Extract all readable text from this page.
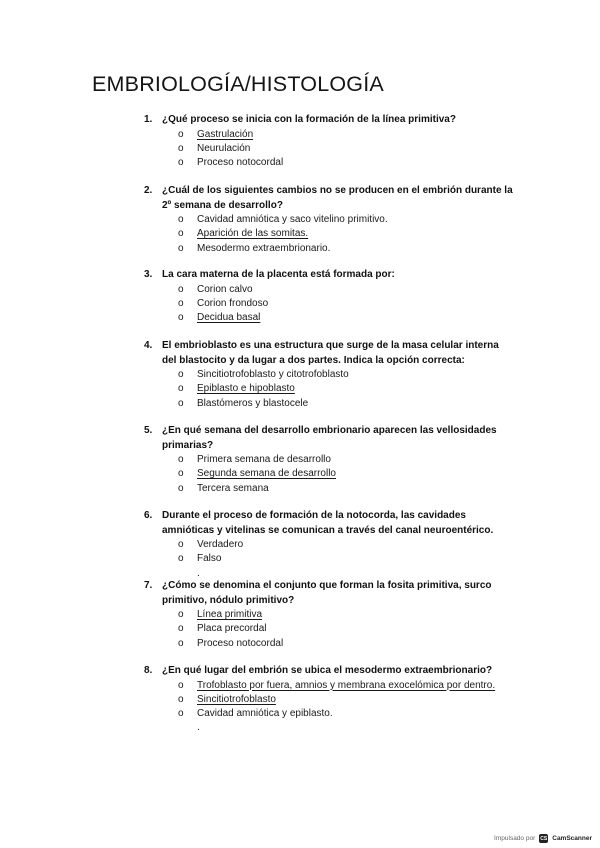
EMBRIOLOGÍA/HISTOLOGÍA
1. ¿Qué proceso se inicia con la formación de la línea primitiva?
o Gastrulación
o Neurulación
o Proceso notocordal
2. ¿Cuál de los siguientes cambios no se producen en el embrión durante la 2º semana de desarrollo?
o Cavidad amniótica y saco vitelino primitivo.
o Aparición de las somitas.
o Mesodermo extraembrionario.
3. La cara materna de la placenta está formada por:
o Corion calvo
o Corion frondoso
o Decidua basal
4. El embrioblasto es una estructura que surge de la masa celular interna del blastocito y da lugar a dos partes. Indica la opción correcta:
o Sincitiotrofoblasto y citotrofoblasto
o Epiblasto e hipoblasto
o Blastómeros y blastocele
5. ¿En qué semana del desarrollo embrionario aparecen las vellosidades primarias?
o Primera semana de desarrollo
o Segunda semana de desarrollo
o Tercera semana
6. Durante el proceso de formación de la notocorda, las cavidades amnióticas y vitelinas se comunican a través del canal neuroentérico.
o Verdadero
o Falso
.
7. ¿Cómo se denomina el conjunto que forman la fosita primitiva, surco primitivo, nódulo primitivo?
o Línea primitiva
o Placa precordal
o Proceso notocordal
8. ¿En qué lugar del embrión se ubica el mesodermo extraembrionario?
o Trofoblasto por fuera, amnios y membrana exocelómica por dentro.
o Sincitiotrofoblasto
o Cavidad amniótica y epiblasto.
.
Impulsado por CS CamScanner
